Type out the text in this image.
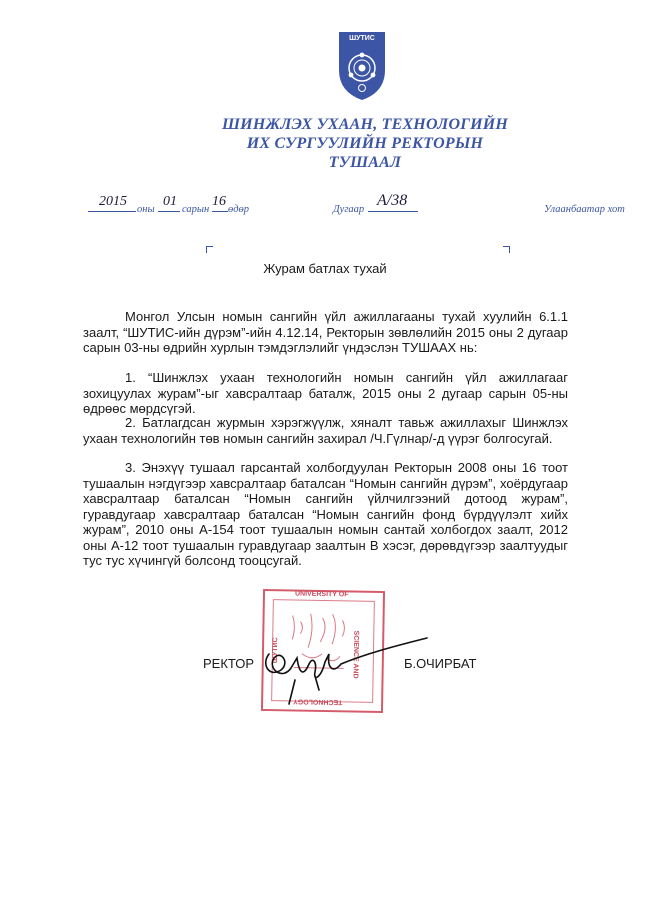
ШУТИС
ШИНЖЛЭХ УХААН, ТЕХНОЛОГИЙН
ИХ СУРГУУЛИЙН РЕКТОРЫН
ТУШААЛ
2015
оны
01
сарын
16
өдөр	Дугаар
А/38
Улаанбаатар хот
Журам батлах тухай

Монгол Улсын номын сангийн үйл ажиллагааны тухай хуулийн 6.1.1 заалт, “ШУТИС-ийн дүрэм”-ийн 4.12.14, Ректорын зөвлөлийн 2015 оны 2 дугаар сарын 03-ны өдрийн хурлын тэмдэглэлийг үндэслэн ТУШААХ нь:

1. “Шинжлэх ухаан технологийн номын сангийн үйл ажиллагааг зохицуулах журам”-ыг хавсралтаар баталж, 2015 оны 2 дугаар сарын 05-ны өдрөөс мөрдсүгэй.

2. Батлагдсан журмын хэрэгжүүлж, хяналт тавьж ажиллахыг Шинжлэх ухаан технологийн төв номын сангийн захирал /Ч.Гүлнар/-д үүрэг болгосугай.

3. Энэхүү тушаал гарсантай холбогдуулан Ректорын 2008 оны 16 тоот тушаалын нэгдүгээр хавсралтаар баталсан “Номын сангийн дүрэм”, хоёрдугаар хавсралтаар баталсан “Номын сангийн үйлчилгээний дотоод журам”, гуравдугаар хавсралтаар баталсан “Номын сангийн фонд бүрдүүлэлт хийх журам”, 2010 оны А-154 тоот тушаалын номын сантай холбогдох заалт, 2012 оны А-12 тоот тушаалын гуравдугаар заалтын В хэсэг, дөрөвдүгээр заалтуудыг тус тус хүчингүй болсонд тооцсугай.

UNIVERSITY OF
SCIENCE AND
TECHNOLOGY
ШУТИС
РЕКТОР	Б.ОЧИРБАТ
